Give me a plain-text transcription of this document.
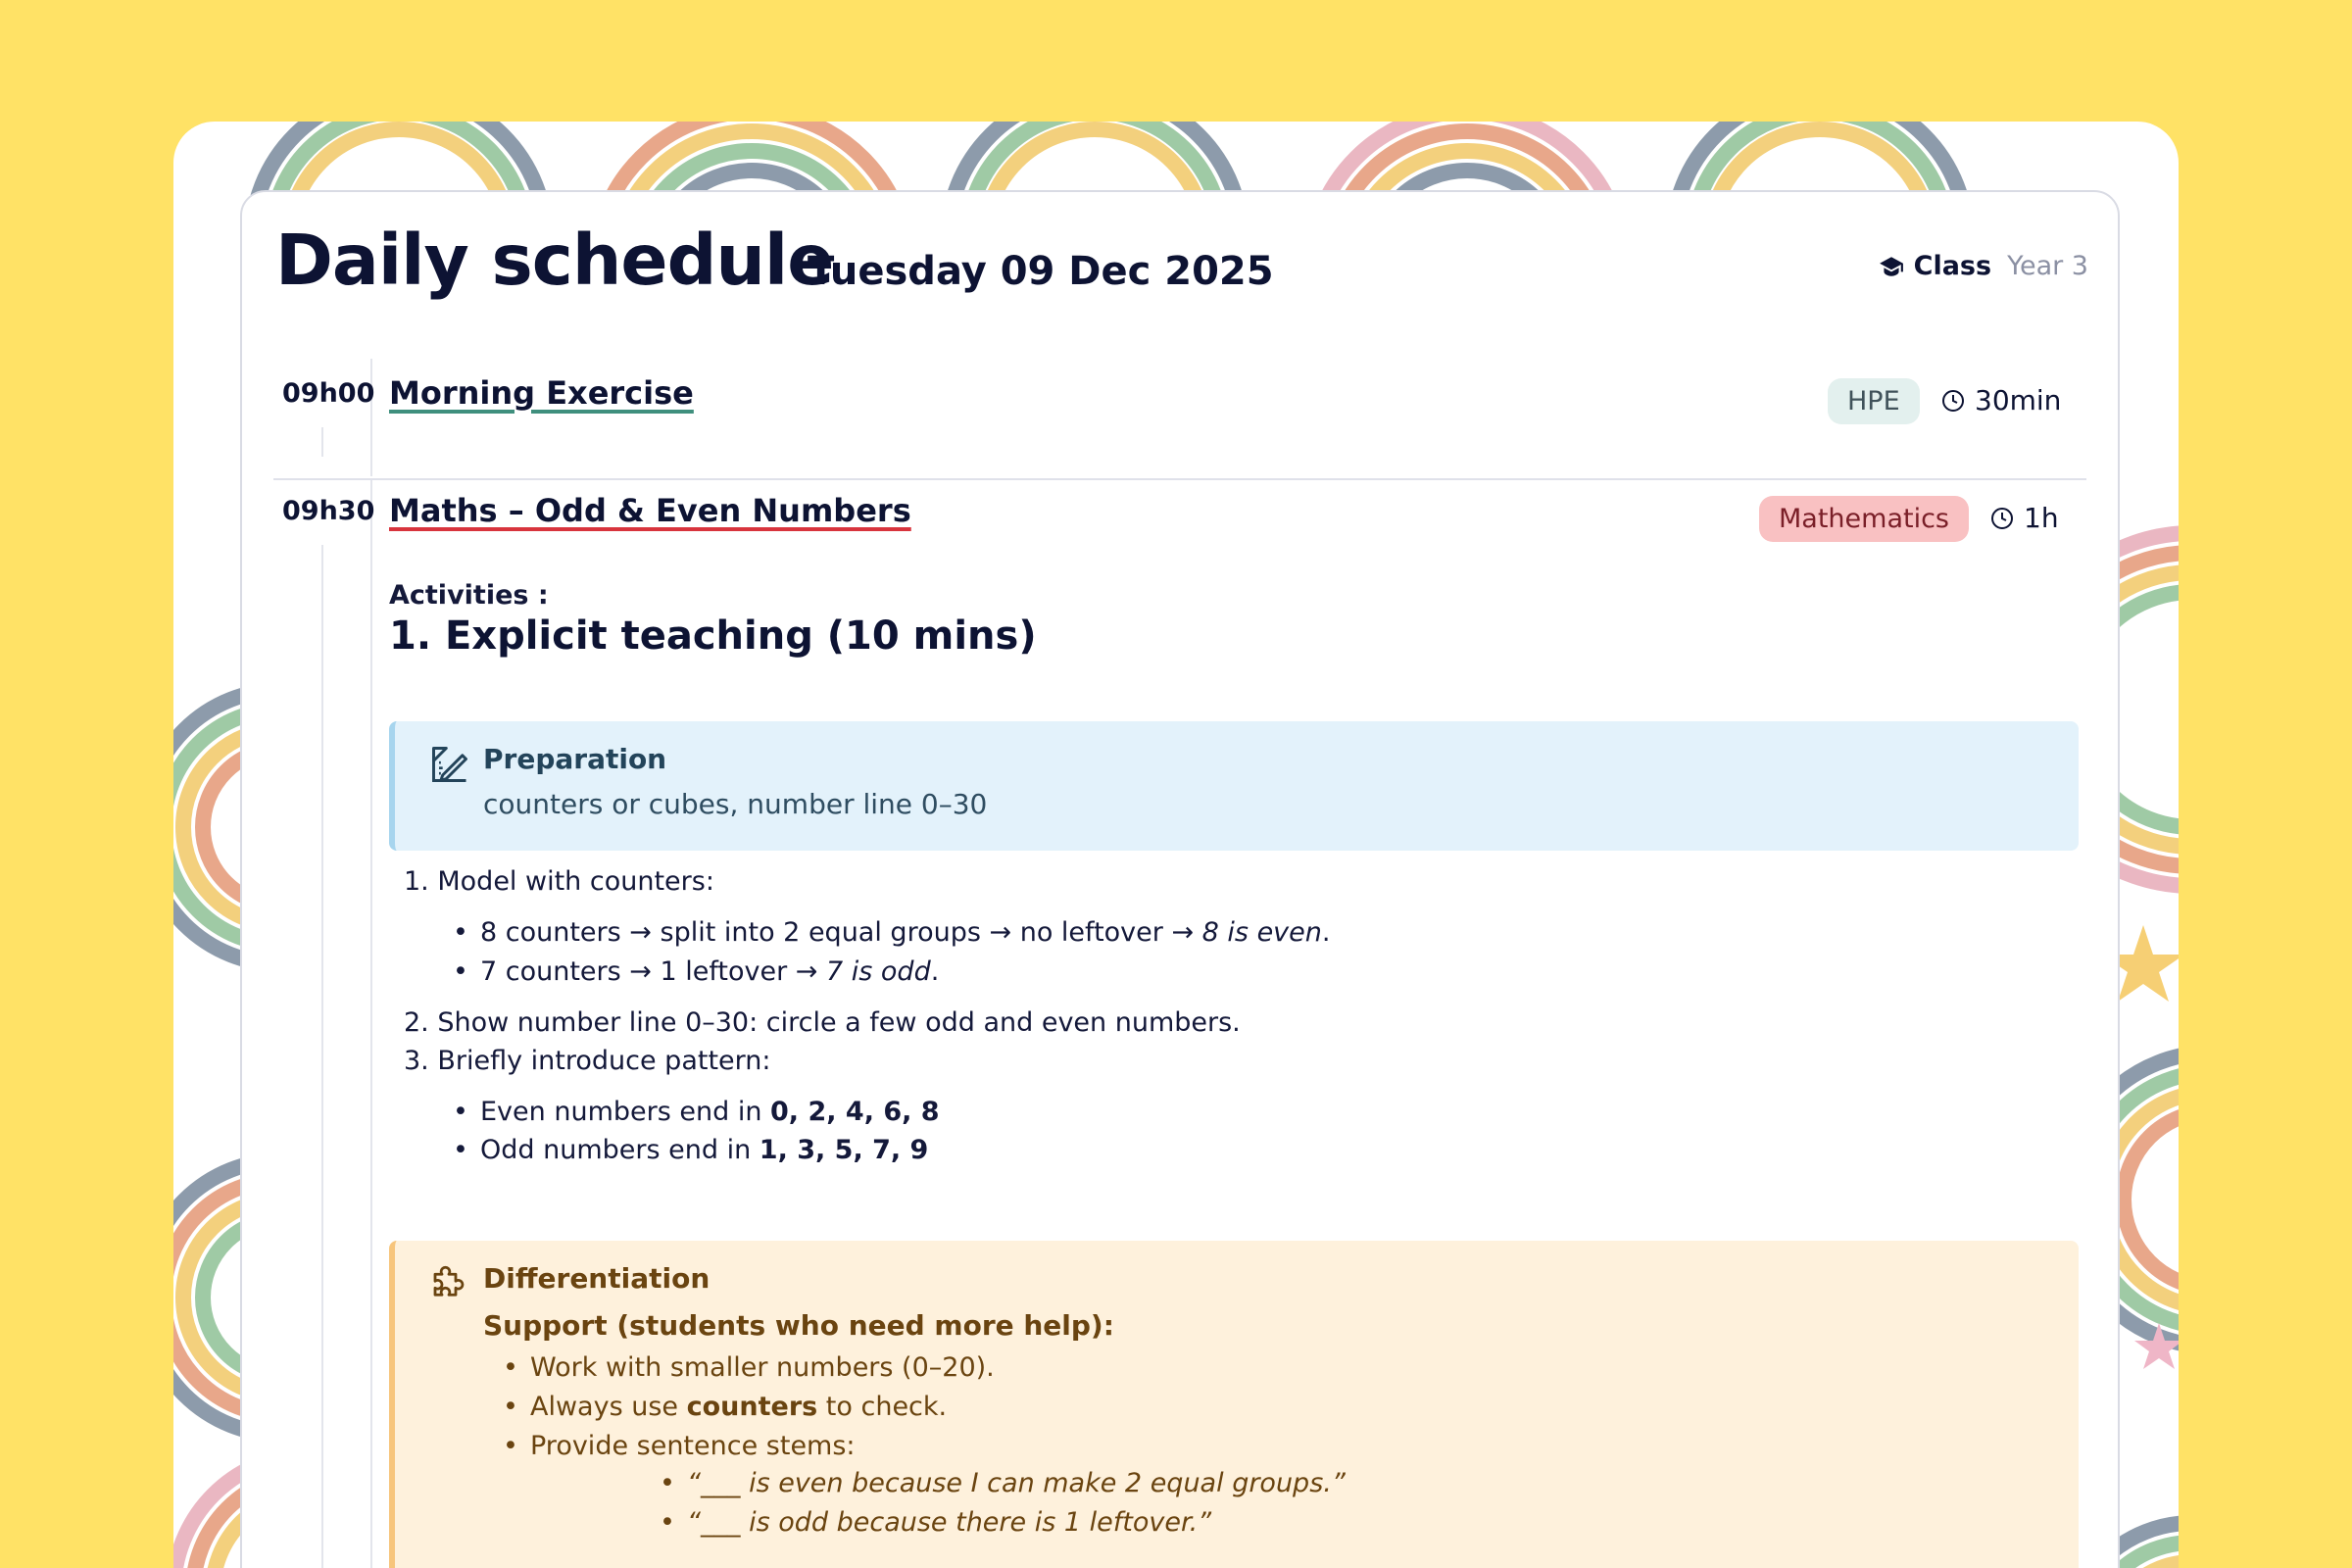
Daily schedule
Tuesday 09 Dec 2025	Class Year 3
09h00 Morning Exercise	HPE	30min
09h30 Maths – Odd & Even Numbers	Mathematics	1h
Activities :
1. Explicit teaching (10 mins)
Preparation
counters or cubes, number line 0–30
1. Model with counters:
• 8 counters → split into 2 equal groups → no leftover → 8 is even.
• 7 counters → 1 leftover → 7 is odd.
2. Show number line 0–30: circle a few odd and even numbers.
3. Briefly introduce pattern:
• Even numbers end in 0, 2, 4, 6, 8
• Odd numbers end in 1, 3, 5, 7, 9
Differentiation
Support (students who need more help):
• Work with smaller numbers (0–20).
• Always use counters to check.
• Provide sentence stems:
• “___ is even because I can make 2 equal groups.”
• “___ is odd because there is 1 leftover.”
